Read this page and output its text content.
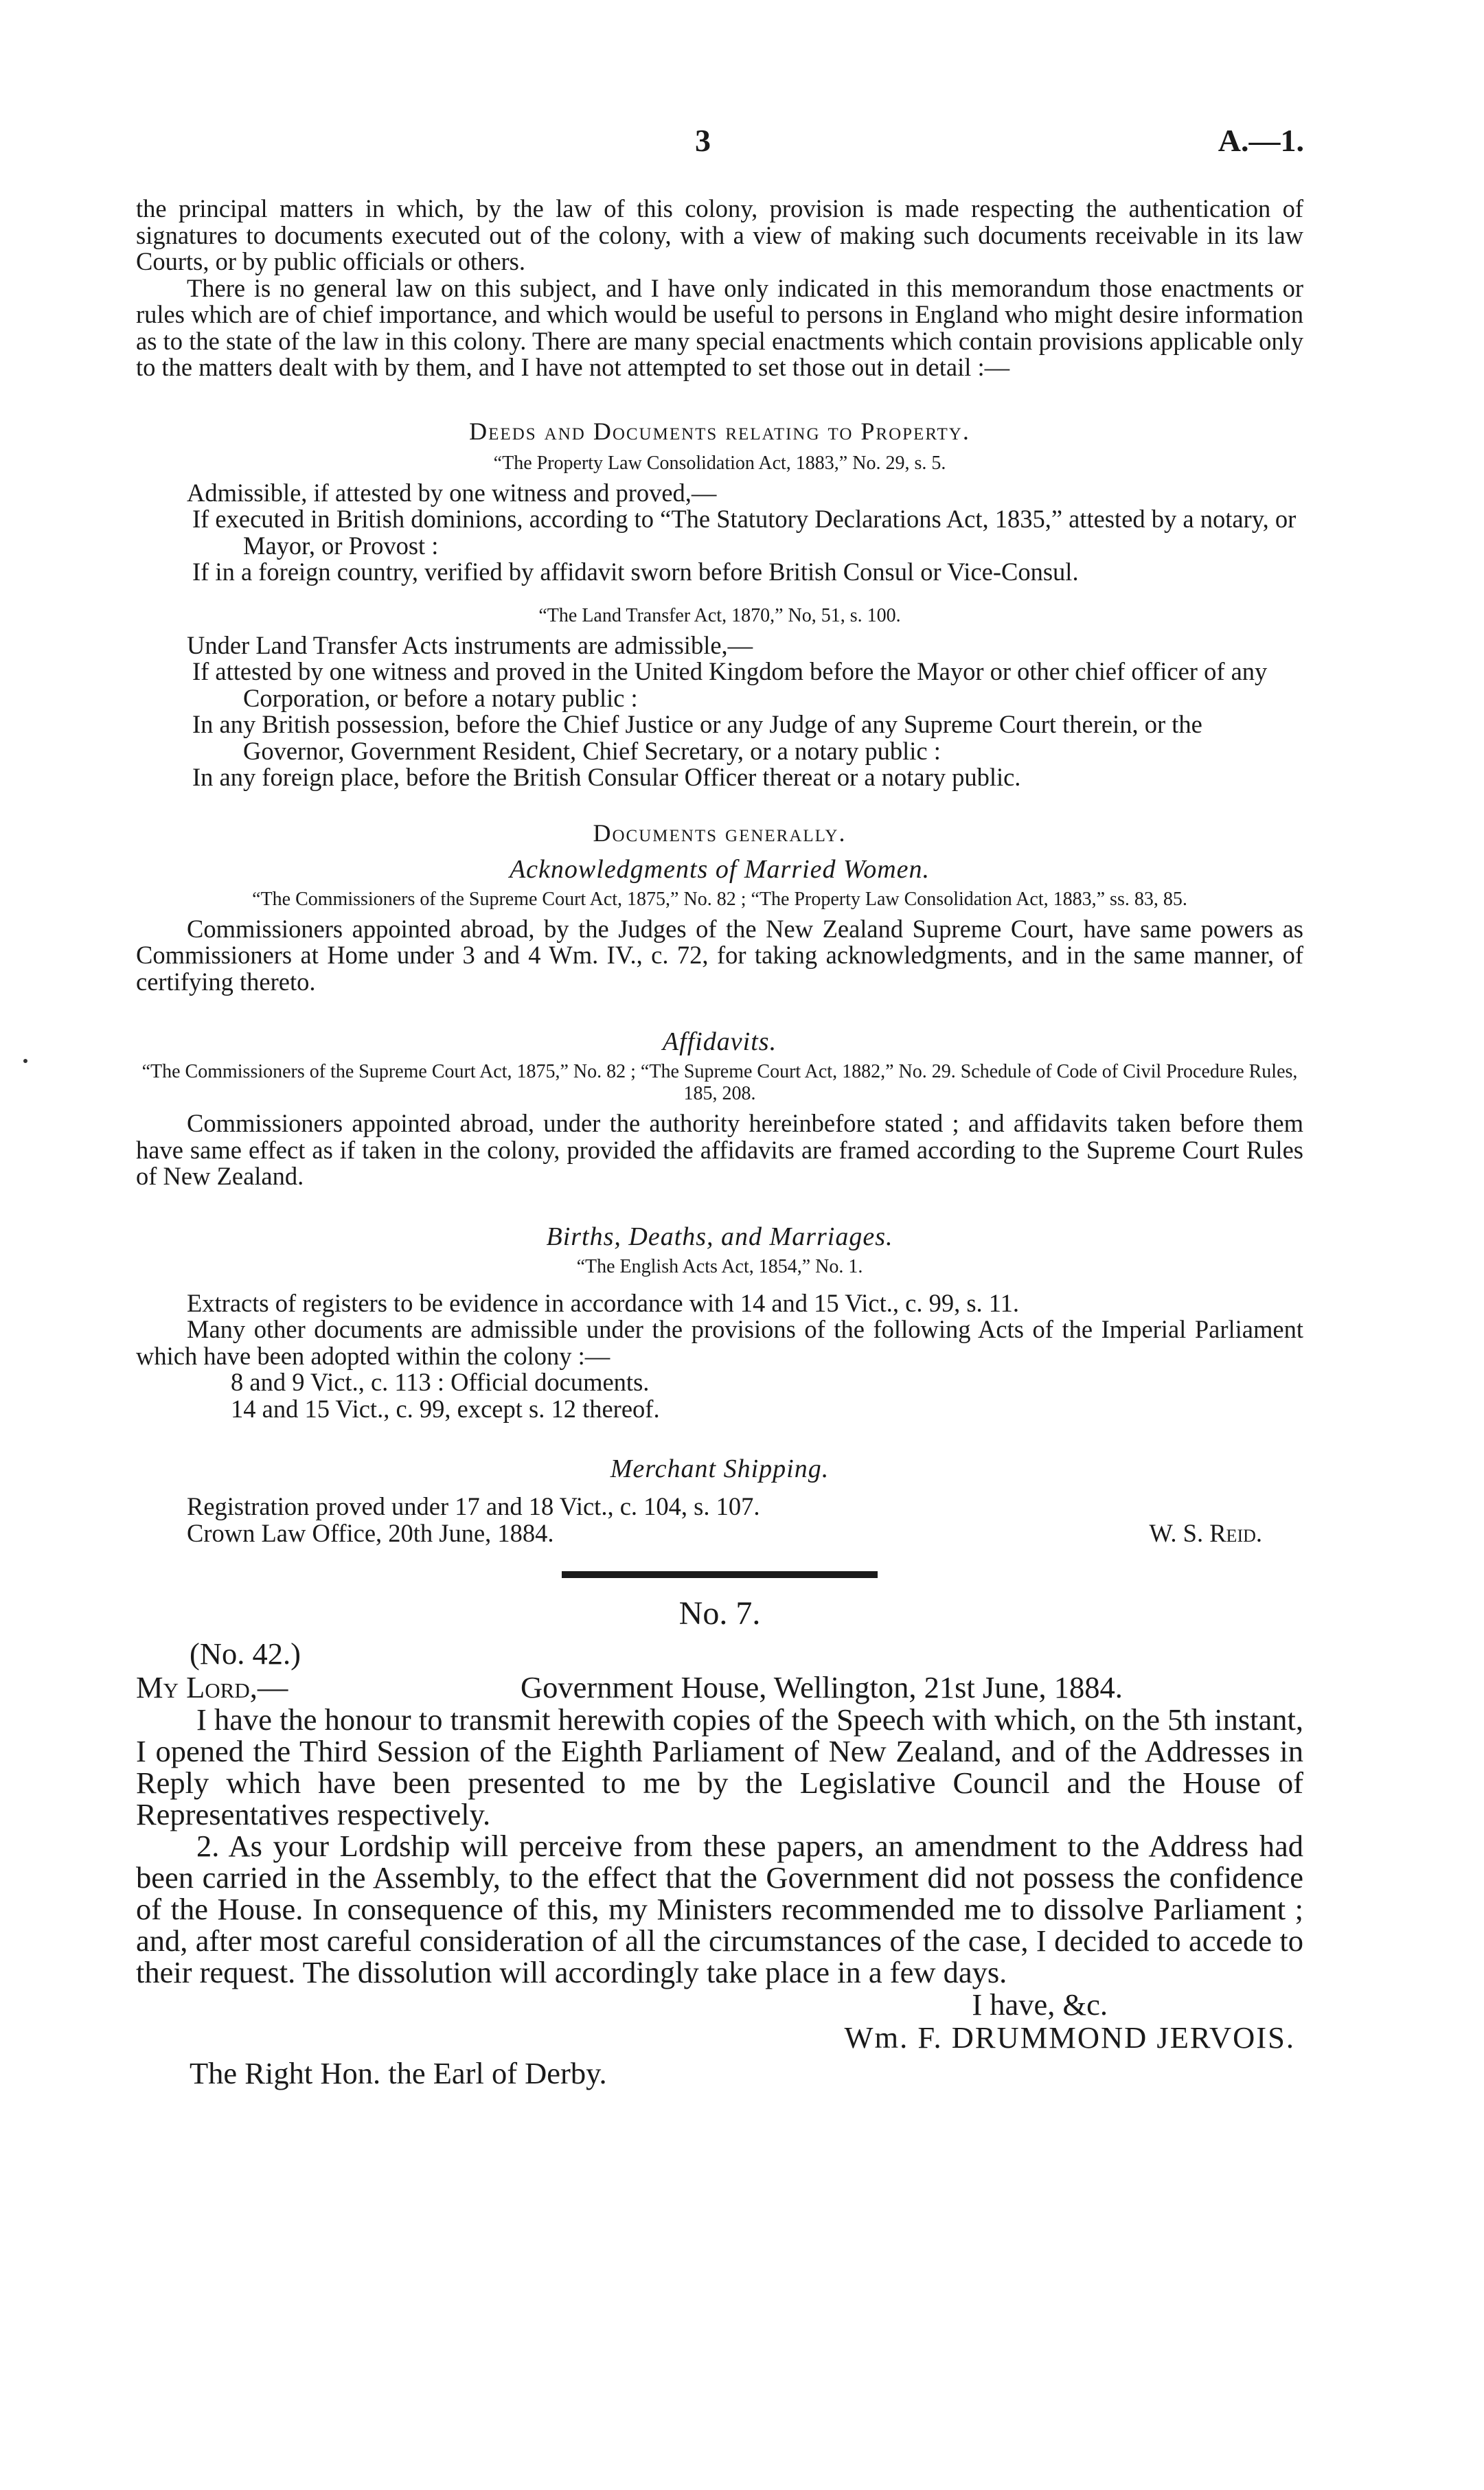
3	A.—1.

the principal matters in which, by the law of this colony, provision is made respecting the authentication of signatures to documents executed out of the colony, with a view of making such documents receivable in its law Courts, or by public officials or others.

There is no general law on this subject, and I have only indicated in this memorandum those enactments or rules which are of chief importance, and which would be useful to persons in England who might desire information as to the state of the law in this colony. There are many special enactments which contain provisions applicable only to the matters dealt with by them, and I have not attempted to set those out in detail :—

Deeds and Documents relating to Property.
“The Property Law Consolidation Act, 1883,” No. 29, s. 5.

Admissible, if attested by one witness and proved,—

If executed in British dominions, according to “The Statutory Declarations Act, 1835,” attested by a notary, or Mayor, or Provost :

If in a foreign country, verified by affidavit sworn before British Consul or Vice-Consul.

“The Land Transfer Act, 1870,” No, 51, s. 100.

Under Land Transfer Acts instruments are admissible,—

If attested by one witness and proved in the United Kingdom before the Mayor or other chief officer of any Corporation, or before a notary public :

In any British possession, before the Chief Justice or any Judge of any Supreme Court therein, or the Governor, Government Resident, Chief Secretary, or a notary public :

In any foreign place, before the British Consular Officer thereat or a notary public.

Documents generally.
Acknowledgments of Married Women.
“The Commissioners of the Supreme Court Act, 1875,” No. 82 ; “The Property Law Consolidation Act, 1883,” ss. 83, 85.

Commissioners appointed abroad, by the Judges of the New Zealand Supreme Court, have same powers as Commissioners at Home under 3 and 4 Wm. IV., c. 72, for taking acknowledgments, and in the same manner, of certifying thereto.

Affidavits.
“The Commissioners of the Supreme Court Act, 1875,” No. 82 ; “The Supreme Court Act, 1882,” No. 29. Schedule of Code of Civil Procedure Rules, 185, 208.

Commissioners appointed abroad, under the authority hereinbefore stated ; and affidavits taken before them have same effect as if taken in the colony, provided the affidavits are framed according to the Supreme Court Rules of New Zealand.

Births, Deaths, and Marriages.
“The English Acts Act, 1854,” No. 1.

Extracts of registers to be evidence in accordance with 14 and 15 Vict., c. 99, s. 11.

Many other documents are admissible under the provisions of the following Acts of the Imperial Parliament which have been adopted within the colony :—

8 and 9 Vict., c. 113 : Official documents.

14 and 15 Vict., c. 99, except s. 12 thereof.

Merchant Shipping.

Registration proved under 17 and 18 Vict., c. 104, s. 107.

Crown Law Office, 20th June, 1884.	W. S. Reid.
No. 7.
(No. 42.)
My Lord,—	Government House, Wellington, 21st June, 1884.

I have the honour to transmit herewith copies of the Speech with which, on the 5th instant, I opened the Third Session of the Eighth Parliament of New Zealand, and of the Addresses in Reply which have been presented to me by the Legislative Council and the House of Representatives respectively.

2. As your Lordship will perceive from these papers, an amendment to the Address had been carried in the Assembly, to the effect that the Government did not possess the confidence of the House. In consequence of this, my Ministers recommended me to dissolve Parliament ; and, after most careful consideration of all the circumstances of the case, I decided to accede to their request. The dissolution will accordingly take place in a few days.

I have, &c.
Wm. F. DRUMMOND JERVOIS.
The Right Hon. the Earl of Derby.
